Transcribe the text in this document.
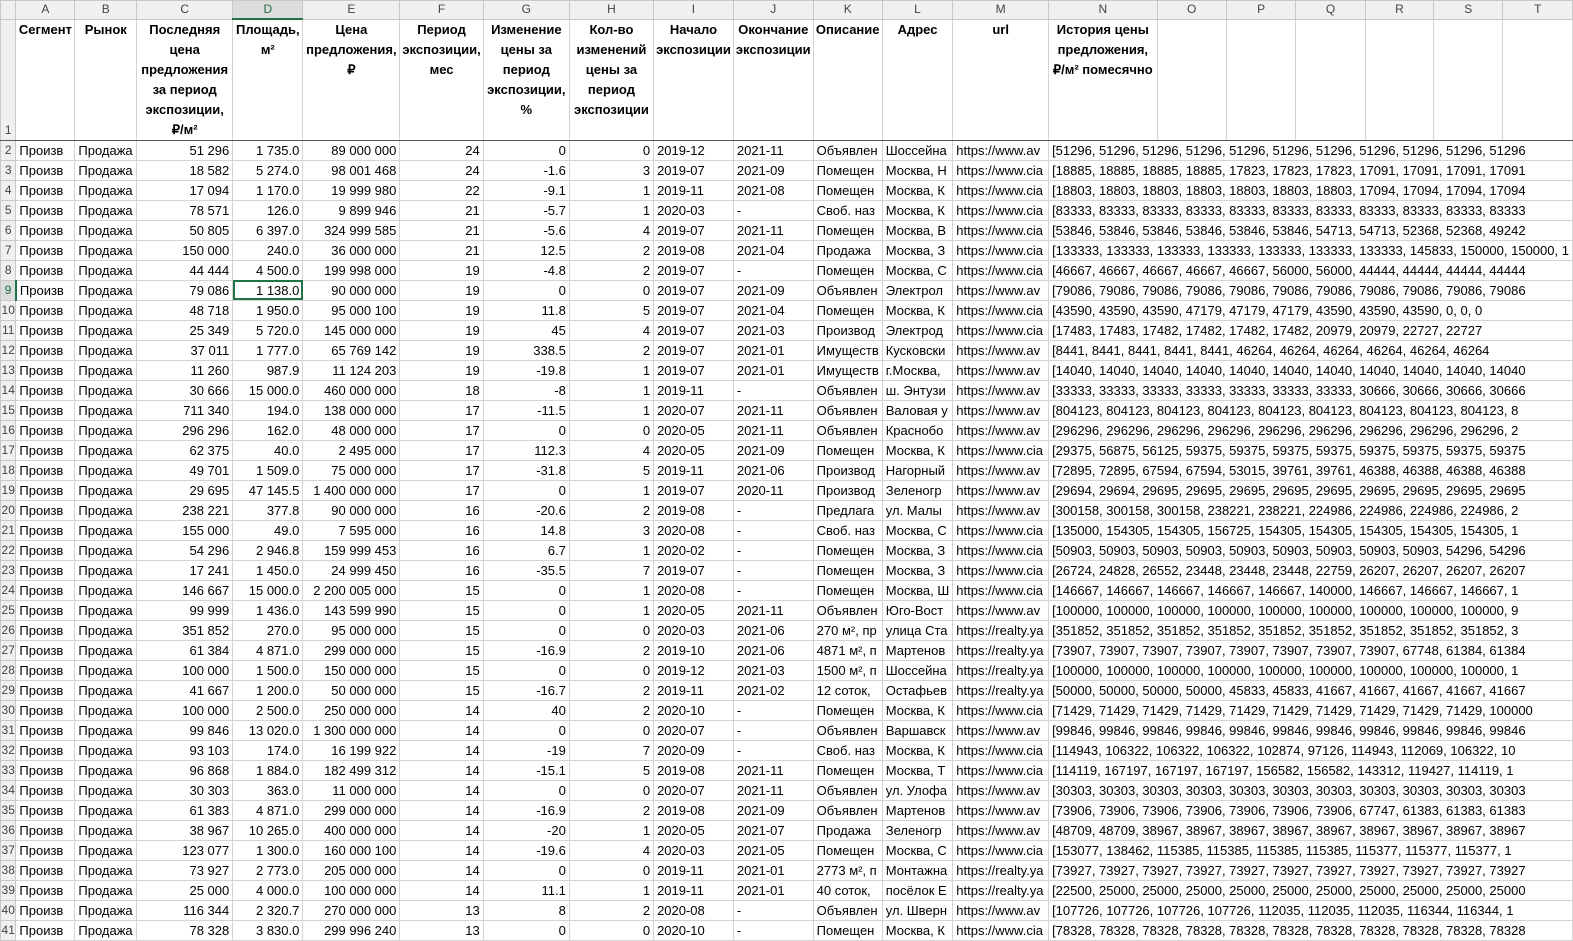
	A	B	C	D	E	F	G	H	I	J	K	L	M	N	O	P	Q	R	S	T
1	Сегмент	Рынок	Последняя цена предложения за период экспозиции, ₽/м²	Площадь, м²	Цена предложения, ₽	Период экспозиции, мес	Изменение цены за период экспозиции, %	Кол-во изменений цены за период экспозиции	Начало экспозиции	Окончание экспозиции	Описание	Адрес	url	История цены предложения, ₽/м² помесячно						
2	Произв	Продажа	51 296	1 735.0	89 000 000	24	0	0	2019-12	2021-11	Объявлен	Шоссейна	https://www.av	[51296, 51296, 51296, 51296, 51296, 51296, 51296, 51296, 51296, 51296, 51296						
3	Произв	Продажа	18 582	5 274.0	98 001 468	24	-1.6	3	2019-07	2021-09	Помещен	Москва, Н	https://www.cia	[18885, 18885, 18885, 18885, 17823, 17823, 17823, 17091, 17091, 17091, 17091						
4	Произв	Продажа	17 094	1 170.0	19 999 980	22	-9.1	1	2019-11	2021-08	Помещен	Москва, К	https://www.cia	[18803, 18803, 18803, 18803, 18803, 18803, 18803, 17094, 17094, 17094, 17094						
5	Произв	Продажа	78 571	126.0	9 899 946	21	-5.7	1	2020-03	-	Своб. наз	Москва, К	https://www.cia	[83333, 83333, 83333, 83333, 83333, 83333, 83333, 83333, 83333, 83333, 83333						
6	Произв	Продажа	50 805	6 397.0	324 999 585	21	-5.6	4	2019-07	2021-11	Помещен	Москва, В	https://www.cia	[53846, 53846, 53846, 53846, 53846, 53846, 54713, 54713, 52368, 52368, 49242						
7	Произв	Продажа	150 000	240.0	36 000 000	21	12.5	2	2019-08	2021-04	Продажа	Москва, З	https://www.cia	[133333, 133333, 133333, 133333, 133333, 133333, 133333, 145833, 150000, 150000, 1						
8	Произв	Продажа	44 444	4 500.0	199 998 000	19	-4.8	2	2019-07	-	Помещен	Москва, С	https://www.cia	[46667, 46667, 46667, 46667, 46667, 56000, 56000, 44444, 44444, 44444, 44444						
9	Произв	Продажа	79 086	1 138.0	90 000 000	19	0	0	2019-07	2021-09	Объявлен	Электрол	https://www.av	[79086, 79086, 79086, 79086, 79086, 79086, 79086, 79086, 79086, 79086, 79086						
10	Произв	Продажа	48 718	1 950.0	95 000 100	19	11.8	5	2019-07	2021-04	Помещен	Москва, К	https://www.cia	[43590, 43590, 43590, 47179, 47179, 47179, 43590, 43590, 43590, 0, 0, 0						
11	Произв	Продажа	25 349	5 720.0	145 000 000	19	45	4	2019-07	2021-03	Производ	Электрод	https://www.cia	[17483, 17483, 17482, 17482, 17482, 17482, 20979, 20979, 22727, 22727						
12	Произв	Продажа	37 011	1 777.0	65 769 142	19	338.5	2	2019-07	2021-01	Имуществ	Кусковски	https://www.av	[8441, 8441, 8441, 8441, 8441, 46264, 46264, 46264, 46264, 46264, 46264						
13	Произв	Продажа	11 260	987.9	11 124 203	19	-19.8	1	2019-07	2021-01	Имуществ	г.Москва,	https://www.av	[14040, 14040, 14040, 14040, 14040, 14040, 14040, 14040, 14040, 14040, 14040						
14	Произв	Продажа	30 666	15 000.0	460 000 000	18	-8	1	2019-11	-	Объявлен	ш. Энтузи	https://www.av	[33333, 33333, 33333, 33333, 33333, 33333, 33333, 30666, 30666, 30666, 30666						
15	Произв	Продажа	711 340	194.0	138 000 000	17	-11.5	1	2020-07	2021-11	Объявлен	Валовая у	https://www.av	[804123, 804123, 804123, 804123, 804123, 804123, 804123, 804123, 804123, 8						
16	Произв	Продажа	296 296	162.0	48 000 000	17	0	0	2020-05	2021-11	Объявлен	Краснобо	https://www.av	[296296, 296296, 296296, 296296, 296296, 296296, 296296, 296296, 296296, 2						
17	Произв	Продажа	62 375	40.0	2 495 000	17	112.3	4	2020-05	2021-09	Помещен	Москва, К	https://www.cia	[29375, 56875, 56125, 59375, 59375, 59375, 59375, 59375, 59375, 59375, 59375						
18	Произв	Продажа	49 701	1 509.0	75 000 000	17	-31.8	5	2019-11	2021-06	Производ	Нагорный	https://www.av	[72895, 72895, 67594, 67594, 53015, 39761, 39761, 46388, 46388, 46388, 46388						
19	Произв	Продажа	29 695	47 145.5	1 400 000 000	17	0	1	2019-07	2020-11	Производ	Зеленогр	https://www.av	[29694, 29694, 29695, 29695, 29695, 29695, 29695, 29695, 29695, 29695, 29695						
20	Произв	Продажа	238 221	377.8	90 000 000	16	-20.6	2	2019-08	-	Предлага	ул. Малы	https://www.av	[300158, 300158, 300158, 238221, 238221, 224986, 224986, 224986, 224986, 2						
21	Произв	Продажа	155 000	49.0	7 595 000	16	14.8	3	2020-08	-	Своб. наз	Москва, С	https://www.cia	[135000, 154305, 154305, 156725, 154305, 154305, 154305, 154305, 154305, 1						
22	Произв	Продажа	54 296	2 946.8	159 999 453	16	6.7	1	2020-02	-	Помещен	Москва, З	https://www.cia	[50903, 50903, 50903, 50903, 50903, 50903, 50903, 50903, 50903, 54296, 54296						
23	Произв	Продажа	17 241	1 450.0	24 999 450	16	-35.5	7	2019-07	-	Помещен	Москва, З	https://www.cia	[26724, 24828, 26552, 23448, 23448, 23448, 22759, 26207, 26207, 26207, 26207						
24	Произв	Продажа	146 667	15 000.0	2 200 005 000	15	0	1	2020-08	-	Помещен	Москва, Ш	https://www.cia	[146667, 146667, 146667, 146667, 146667, 140000, 146667, 146667, 146667, 1						
25	Произв	Продажа	99 999	1 436.0	143 599 990	15	0	1	2020-05	2021-11	Объявлен	Юго-Вост	https://www.av	[100000, 100000, 100000, 100000, 100000, 100000, 100000, 100000, 100000, 9						
26	Произв	Продажа	351 852	270.0	95 000 000	15	0	0	2020-03	2021-06	270 м², пр	улица Ста	https://realty.ya	[351852, 351852, 351852, 351852, 351852, 351852, 351852, 351852, 351852, 3						
27	Произв	Продажа	61 384	4 871.0	299 000 000	15	-16.9	2	2019-10	2021-06	4871 м², п	Мартенов	https://realty.ya	[73907, 73907, 73907, 73907, 73907, 73907, 73907, 73907, 67748, 61384, 61384						
28	Произв	Продажа	100 000	1 500.0	150 000 000	15	0	0	2019-12	2021-03	1500 м², п	Шоссейна	https://realty.ya	[100000, 100000, 100000, 100000, 100000, 100000, 100000, 100000, 100000, 1						
29	Произв	Продажа	41 667	1 200.0	50 000 000	15	-16.7	2	2019-11	2021-02	12 соток,	Остафьев	https://realty.ya	[50000, 50000, 50000, 50000, 45833, 45833, 41667, 41667, 41667, 41667, 41667						
30	Произв	Продажа	100 000	2 500.0	250 000 000	14	40	2	2020-10	-	Помещен	Москва, К	https://www.cia	[71429, 71429, 71429, 71429, 71429, 71429, 71429, 71429, 71429, 71429, 100000						
31	Произв	Продажа	99 846	13 020.0	1 300 000 000	14	0	0	2020-07	-	Объявлен	Варшавск	https://www.av	[99846, 99846, 99846, 99846, 99846, 99846, 99846, 99846, 99846, 99846, 99846						
32	Произв	Продажа	93 103	174.0	16 199 922	14	-19	7	2020-09	-	Своб. наз	Москва, К	https://www.cia	[114943, 106322, 106322, 106322, 102874, 97126, 114943, 112069, 106322, 10						
33	Произв	Продажа	96 868	1 884.0	182 499 312	14	-15.1	5	2019-08	2021-11	Помещен	Москва, Т	https://www.cia	[114119, 167197, 167197, 167197, 156582, 156582, 143312, 119427, 114119, 1						
34	Произв	Продажа	30 303	363.0	11 000 000	14	0	0	2020-07	2021-11	Объявлен	ул. Улофа	https://www.av	[30303, 30303, 30303, 30303, 30303, 30303, 30303, 30303, 30303, 30303, 30303						
35	Произв	Продажа	61 383	4 871.0	299 000 000	14	-16.9	2	2019-08	2021-09	Объявлен	Мартенов	https://www.av	[73906, 73906, 73906, 73906, 73906, 73906, 73906, 67747, 61383, 61383, 61383						
36	Произв	Продажа	38 967	10 265.0	400 000 000	14	-20	1	2020-05	2021-07	Продажа	Зеленогр	https://www.av	[48709, 48709, 38967, 38967, 38967, 38967, 38967, 38967, 38967, 38967, 38967						
37	Произв	Продажа	123 077	1 300.0	160 000 100	14	-19.6	4	2020-03	2021-05	Помещен	Москва, С	https://www.cia	[153077, 138462, 115385, 115385, 115385, 115385, 115377, 115377, 115377, 1						
38	Произв	Продажа	73 927	2 773.0	205 000 000	14	0	0	2019-11	2021-01	2773 м², п	Монтажна	https://realty.ya	[73927, 73927, 73927, 73927, 73927, 73927, 73927, 73927, 73927, 73927, 73927						
39	Произв	Продажа	25 000	4 000.0	100 000 000	14	11.1	1	2019-11	2021-01	40 соток,	посёлок Е	https://realty.ya	[22500, 25000, 25000, 25000, 25000, 25000, 25000, 25000, 25000, 25000, 25000						
40	Произв	Продажа	116 344	2 320.7	270 000 000	13	8	2	2020-08	-	Объявлен	ул. Шверн	https://www.av	[107726, 107726, 107726, 107726, 112035, 112035, 112035, 116344, 116344, 1						
41	Произв	Продажа	78 328	3 830.0	299 996 240	13	0	0	2020-10	-	Помещен	Москва, К	https://www.cia	[78328, 78328, 78328, 78328, 78328, 78328, 78328, 78328, 78328, 78328, 78328						
